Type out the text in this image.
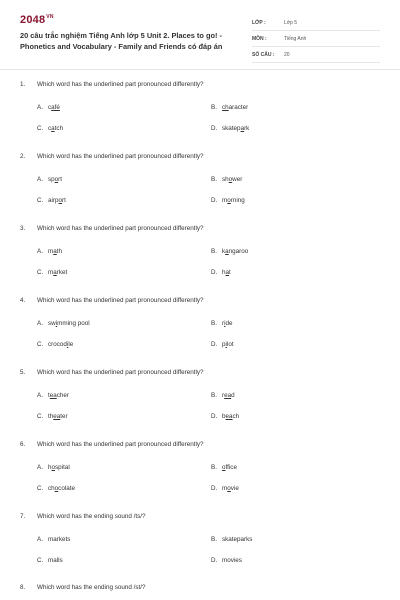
$2048^{VN}$
20 câu trắc nghiệm Tiếng Anh lớp 5 Unit 2. Places to go! - Phonetics and Vocabulary - Family and Friends có đáp án
LỚP :	Lớp 5
MÔN :	Tiếng Anh
SỐ CÂU : 20
1. Which word has the underlined part pronounced differently?
A. café	B. character
C. catch	D. skatepark
2. Which word has the underlined part pronounced differently?
A. sport	B. shower
C. airport	D. morning
3. Which word has the underlined part pronounced differently?
A. math	B. kangaroo
C. market	D. hat
4. Which word has the underlined part pronounced differently?
A. swimming pool	B. ride
C. crocodile	D. pilot
5. Which word has the underlined part pronounced differently?
A. teacher	B. read
C. theater	D. beach
6. Which word has the underlined part pronounced differently?
A. hospital	B. office
C. chocolate	D. movie
7. Which word has the ending sound /ts/?
A. markets	B. skateparks
C. malls	D. movies
8. Which word has the ending sound /st/?
